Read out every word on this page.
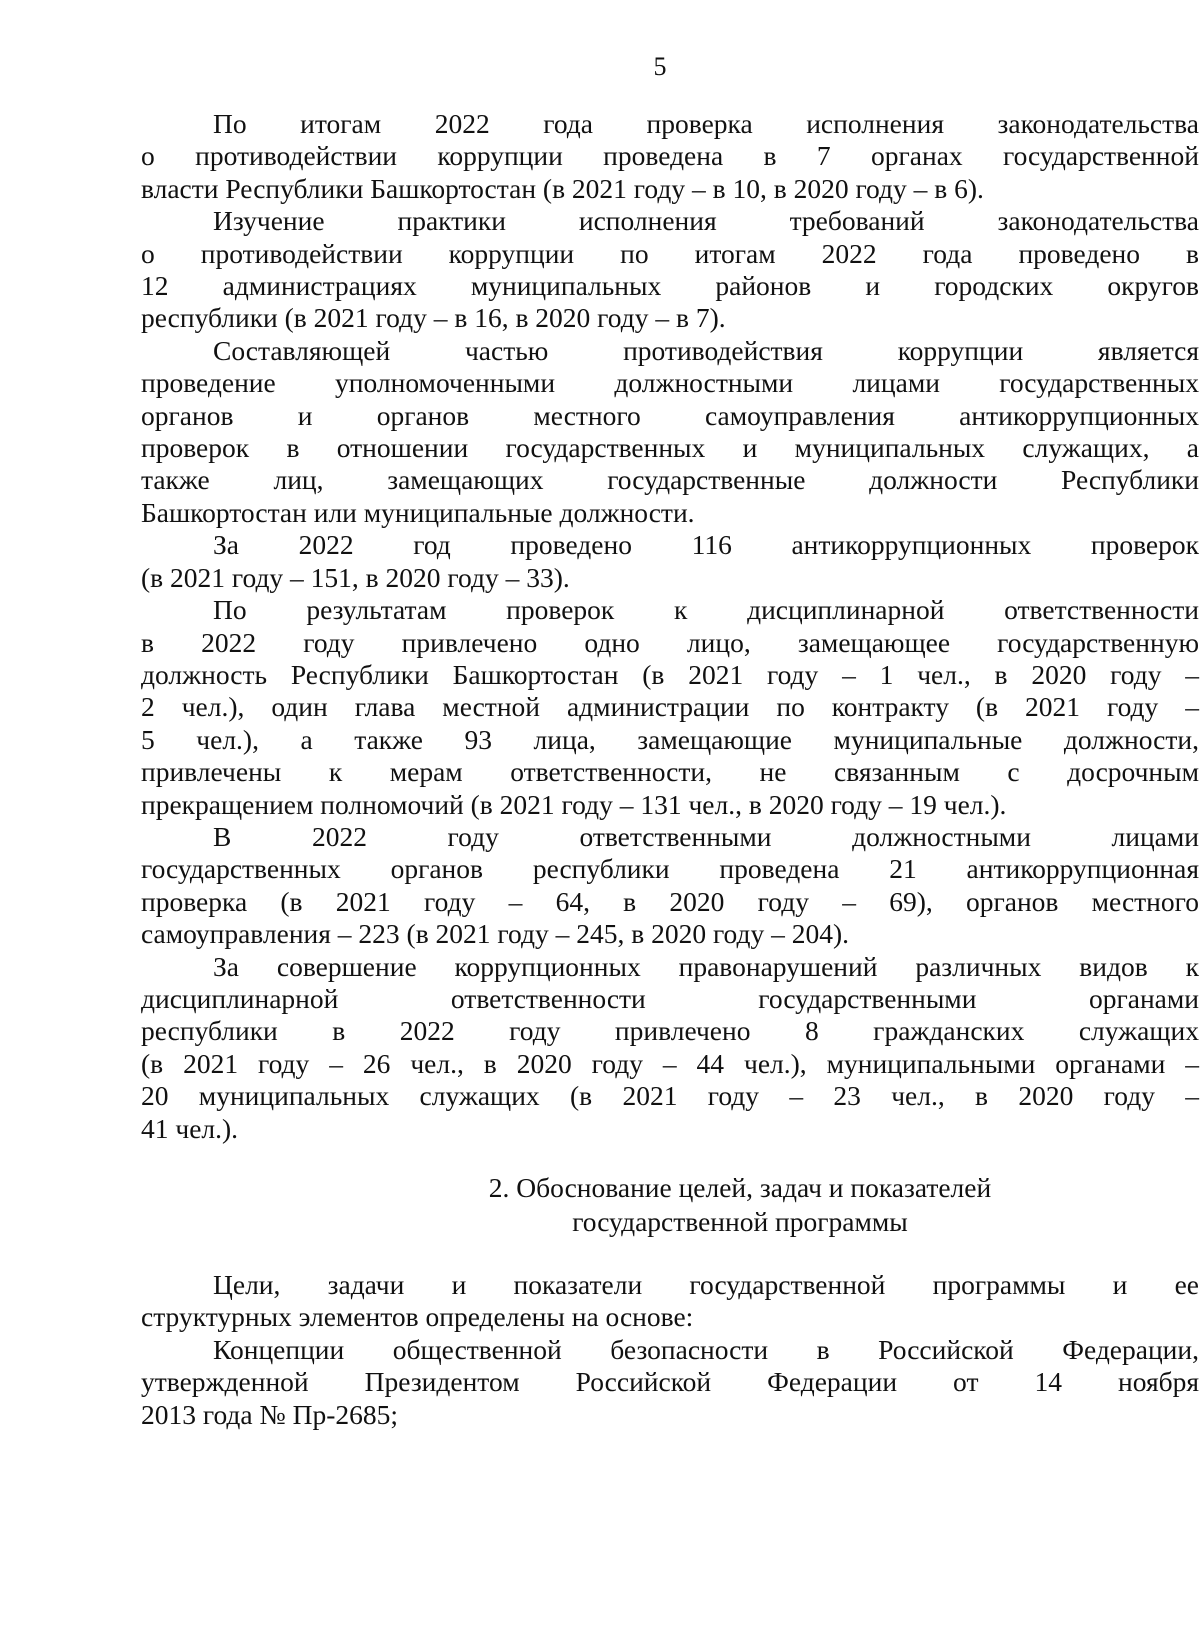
5

По итогам 2022 года проверка исполнения законодательства
о противодействии коррупции проведена в 7 органах государственной
власти Республики Башкортостан (в 2021 году – в 10, в 2020 году – в 6).

Изучение практики исполнения требований законодательства
о противодействии коррупции по итогам 2022 года проведено в
12 администрациях муниципальных районов и городских округов
республики (в 2021 году – в 16, в 2020 году – в 7).

Составляющей частью противодействия коррупции является
проведение уполномоченными должностными лицами государственных
органов и органов местного самоуправления антикоррупционных
проверок в отношении государственных и муниципальных служащих, а
также лиц, замещающих государственные должности Республики
Башкортостан или муниципальные должности.

За 2022 год проведено 116 антикоррупционных проверок
(в 2021 году – 151, в 2020 году – 33).

По результатам проверок к дисциплинарной ответственности
в 2022 году привлечено одно лицо, замещающее государственную
должность Республики Башкортостан (в 2021 году – 1 чел., в 2020 году –
2 чел.), один глава местной администрации по контракту (в 2021 году –
5 чел.), а также 93 лица, замещающие муниципальные должности,
привлечены к мерам ответственности, не связанным с досрочным
прекращением полномочий (в 2021 году – 131 чел., в 2020 году – 19 чел.).

В 2022 году ответственными должностными лицами
государственных органов республики проведена 21 антикоррупционная
проверка (в 2021 году – 64, в 2020 году – 69), органов местного
самоуправления – 223 (в 2021 году – 245, в 2020 году – 204).

За совершение коррупционных правонарушений различных видов к
дисциплинарной ответственности государственными органами
республики в 2022 году привлечено 8 гражданских служащих
(в 2021 году – 26 чел., в 2020 году – 44 чел.), муниципальными органами –
20 муниципальных служащих (в 2021 году – 23 чел., в 2020 году –
41 чел.).

2. Обоснование целей, задач и показателей
государственной программы

Цели, задачи и показатели государственной программы и ее
структурных элементов определены на основе:

Концепции общественной безопасности в Российской Федерации,
утвержденной Президентом Российской Федерации от 14 ноября
2013 года № Пр-2685;
